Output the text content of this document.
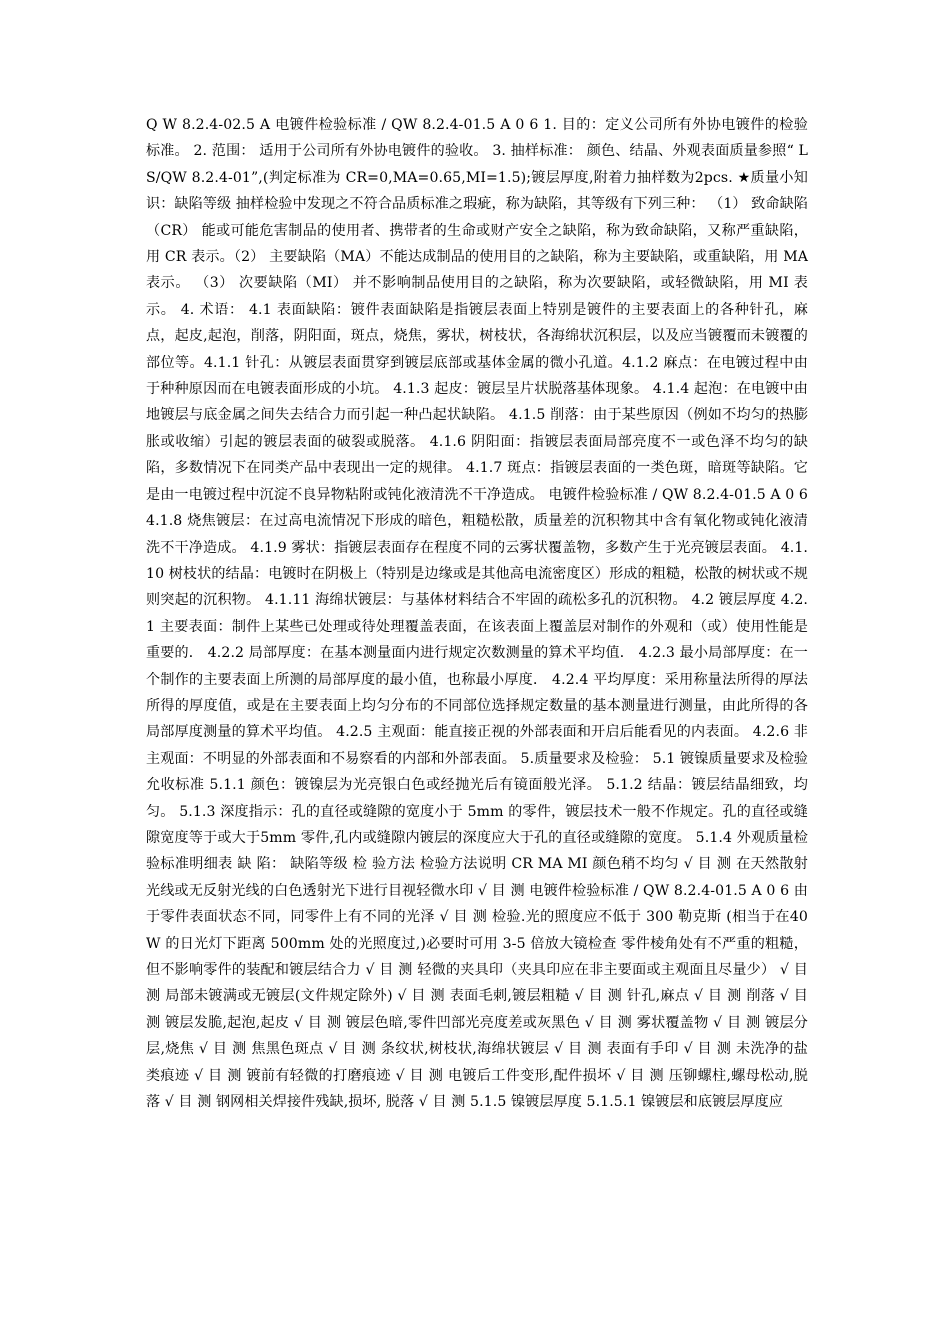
Q W 8.2.4-02.5 A 电镀件检验标准 / QW 8.2.4-01.5 A 0 6 1. 目的：定义公司所有外协电镀件的检验标准。 2. 范围： 适用于公司所有外协电镀件的验收。 3. 抽样标准： 颜色、结晶、外观表面质量参照“ LS/QW 8.2.4-01”,(判定标准为 CR=0,MA=0.65,MI=1.5);镀层厚度,附着力抽样数为2pcs. ★质量小知识：缺陷等级 抽样检验中发现之不符合品质标准之瑕疵，称为缺陷，其等级有下列三种： （1） 致命缺陷（CR） 能或可能危害制品的使用者、携带者的生命或财产安全之缺陷，称为致命缺陷，又称严重缺陷，用 CR 表示。（2） 主要缺陷（MA）不能达成制品的使用目的之缺陷，称为主要缺陷，或重缺陷，用 MA 表示。 （3） 次要缺陷（MI） 并不影响制品使用目的之缺陷，称为次要缺陷，或轻微缺陷，用 MI 表示。 4. 术语： 4.1 表面缺陷：镀件表面缺陷是指镀层表面上特别是镀件的主要表面上的各种针孔，麻点，起皮,起泡，削落，阴阳面，斑点，烧焦，雾状，树枝状，各海绵状沉积层，以及应当镀覆而未镀覆的部位等。4.1.1 针孔：从镀层表面贯穿到镀层底部或基体金属的微小孔道。4.1.2 麻点：在电镀过程中由于种种原因而在电镀表面形成的小坑。 4.1.3 起皮：镀层呈片状脱落基体现象。 4.1.4 起泡：在电镀中由地镀层与底金属之间失去结合力而引起一种凸起状缺陷。 4.1.5 削落：由于某些原因（例如不均匀的热膨胀或收缩）引起的镀层表面的破裂或脱落。 4.1.6 阴阳面：指镀层表面局部亮度不一或色泽不均匀的缺陷，多数情况下在同类产品中表现出一定的规律。 4.1.7 斑点：指镀层表面的一类色斑，暗斑等缺陷。它是由一电镀过程中沉淀不良异物粘附或钝化液清洗不干净造成。 电镀件检验标准 / QW 8.2.4-01.5 A 0 6 4.1.8 烧焦镀层：在过高电流情况下形成的暗色，粗糙松散，质量差的沉积物其中含有氧化物或钝化液清洗不干净造成。 4.1.9 雾状：指镀层表面存在程度不同的云雾状覆盖物，多数产生于光亮镀层表面。 4.1.10 树枝状的结晶：电镀时在阴极上（特别是边缘或是其他高电流密度区）形成的粗糙，松散的树状或不规则突起的沉积物。 4.1.11 海绵状镀层：与基体材料结合不牢固的疏松多孔的沉积物。 4.2 镀层厚度 4.2.1 主要表面：制件上某些已处理或待处理覆盖表面，在该表面上覆盖层对制作的外观和（或）使用性能是重要的． 4.2.2 局部厚度：在基本测量面内进行规定次数测量的算术平均值． 4.2.3 最小局部厚度：在一个制作的主要表面上所测的局部厚度的最小值，也称最小厚度． 4.2.4 平均厚度：采用称量法所得的厚法所得的厚度值，或是在主要表面上均匀分布的不同部位选择规定数量的基本测量进行测量，由此所得的各局部厚度测量的算术平均值。 4.2.5 主观面：能直接正视的外部表面和开启后能看见的内表面。 4.2.6 非主观面：不明显的外部表面和不易察看的内部和外部表面。 5.质量要求及检验： 5.1 镀镍质量要求及检验允收标准 5.1.1 颜色：镀镍层为光亮银白色或经抛光后有镜面般光泽。 5.1.2 结晶：镀层结晶细致，均匀。 5.1.3 深度指示：孔的直径或缝隙的宽度小于 5mm 的零件，镀层技术一般不作规定。孔的直径或缝隙宽度等于或大于5mm 零件,孔内或缝隙内镀层的深度应大于孔的直径或缝隙的宽度。 5.1.4 外观质量检验标准明细表 缺 陷： 缺陷等级 检 验方法 检验方法说明 CR MA MI 颜色稍不均匀 √ 目 测 在天然散射光线或无反射光线的白色透射光下进行目视轻微水印 √ 目 测 电镀件检验标准 / QW 8.2.4-01.5 A 0 6 由于零件表面状态不同，同零件上有不同的光泽 √ 目 测 检验.光的照度应不低于 300 勒克斯 (相当于在40W 的日光灯下距离 500mm 处的光照度过,)必要时可用 3-5 倍放大镜检查 零件棱角处有不严重的粗糙，但不影响零件的装配和镀层结合力 √ 目 测 轻微的夹具印（夹具印应在非主要面或主观面且尽量少） √ 目 测 局部未镀满或无镀层(文件规定除外) √ 目 测 表面毛刺,镀层粗糙 √ 目 测 针孔,麻点 √ 目 测 削落 √ 目 测 镀层发脆,起泡,起皮 √ 目 测 镀层色暗,零件凹部光亮度差或灰黑色 √ 目 测 雾状覆盖物 √ 目 测 镀层分层,烧焦 √ 目 测 焦黑色斑点 √ 目 测 条纹状,树枝状,海绵状镀层 √ 目 测 表面有手印 √ 目 测 未洗净的盐类痕迹 √ 目 测 镀前有轻微的打磨痕迹 √ 目 测 电镀后工件变形,配件损坏 √ 目 测 压铆螺柱,螺母松动,脱落 √ 目 测 钢网相关焊接件残缺,损坏, 脱落 √ 目 测 5.1.5 镍镀层厚度 5.1.5.1 镍镀层和底镀层厚度应
